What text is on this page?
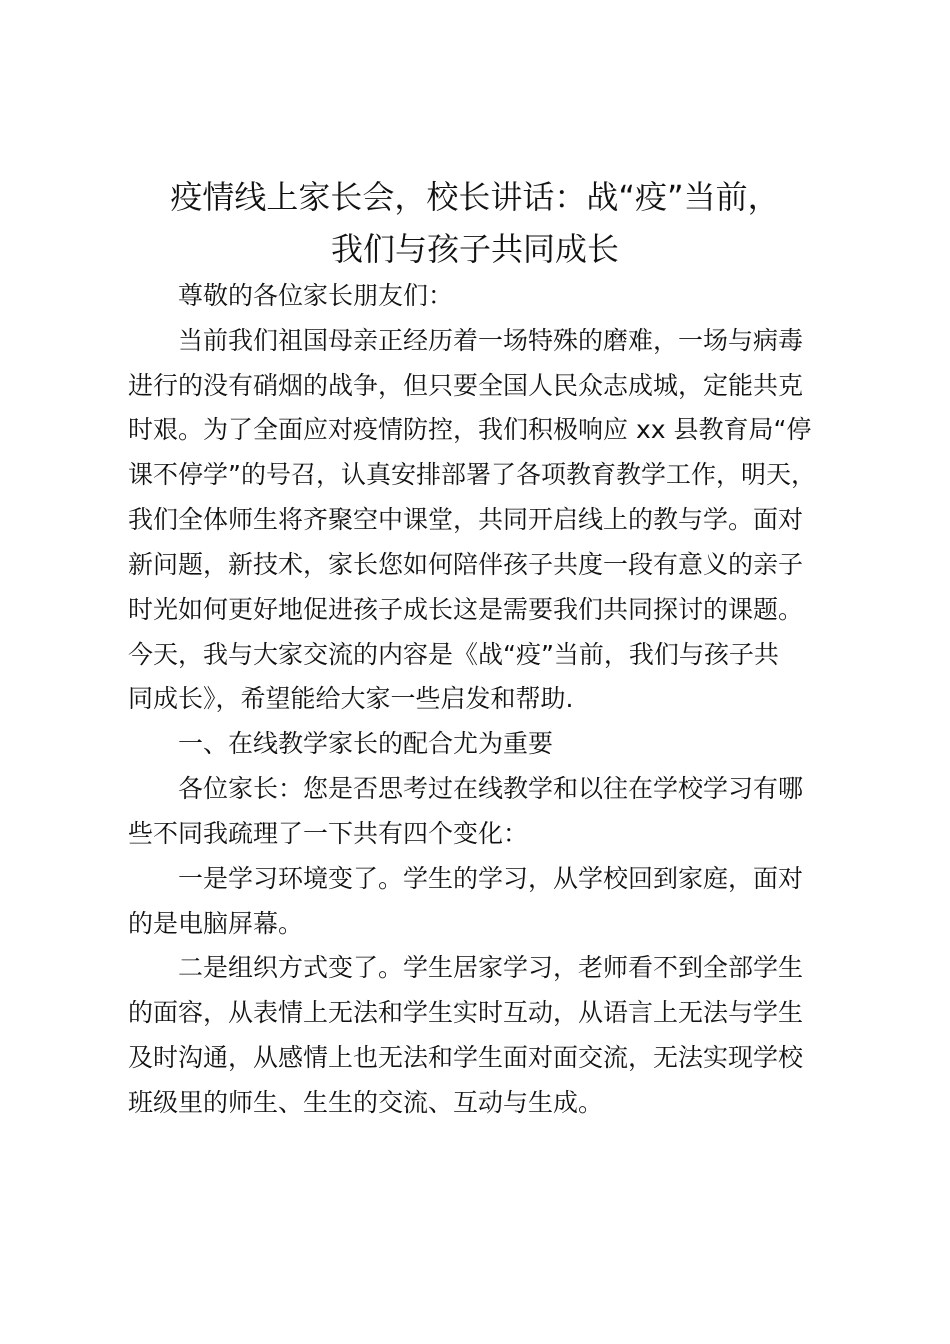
疫情线上家长会，校长讲话：战“疫”当前，
我们与孩子共同成长

尊敬的各位家长朋友们：

当前我们祖国母亲正经历着一场特殊的磨难，一场与病毒

进行的没有硝烟的战争，但只要全国人民众志成城，定能共克

时艰。为了全面应对疫情防控，我们积极响应 xx 县教育局“停

课不停学”的号召，认真安排部署了各项教育教学工作，明天，

我们全体师生将齐聚空中课堂，共同开启线上的教与学。面对

新问题，新技术，家长您如何陪伴孩子共度一段有意义的亲子

时光如何更好地促进孩子成长这是需要我们共同探讨的课题。

今天，我与大家交流的内容是《战“疫”当前，我们与孩子共

同成长》，希望能给大家一些启发和帮助.

一、在线教学家长的配合尤为重要

各位家长：您是否思考过在线教学和以往在学校学习有哪

些不同我疏理了一下共有四个变化：

一是学习环境变了。学生的学习，从学校回到家庭，面对

的是电脑屏幕。

二是组织方式变了。学生居家学习，老师看不到全部学生

的面容，从表情上无法和学生实时互动，从语言上无法与学生

及时沟通，从感情上也无法和学生面对面交流，无法实现学校

班级里的师生、生生的交流、互动与生成。
